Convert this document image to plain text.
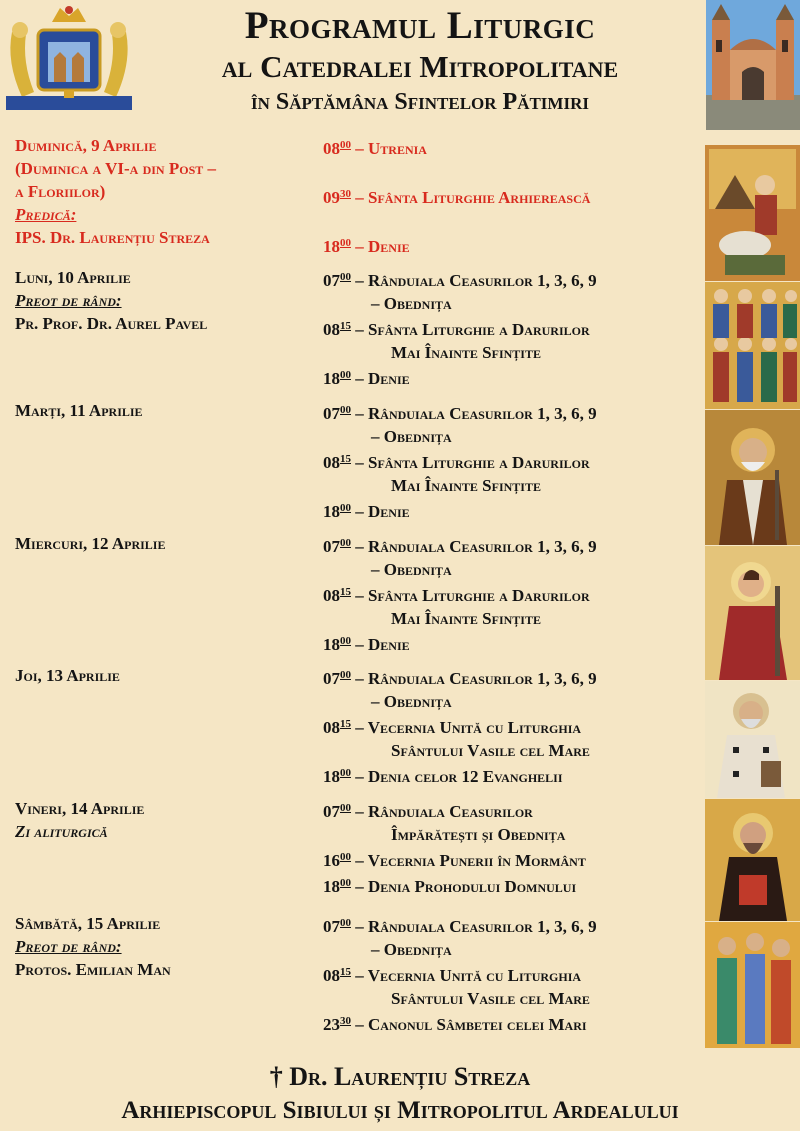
Programul Liturgic
al Catedralei Mitropolitane
în Săptămâna Sfintelor Pătimiri
Duminică, 9 Aprilie
(Duminica a VI-a din Post –
a Floriilor)
Predică:
IPS. Dr. Laurențiu Streza
$08^{00}$ – Utrenia
$09^{30}$ – Sfânta Liturghie Arhierească
$18^{00}$ – Denie
Luni, 10 Aprilie
Preot de rând:
Pr. Prof. Dr. Aurel Pavel
$07^{00}$ – Rânduiala Ceasurilor 1, 3, 6, 9
– Obednița
$08^{15}$ – Sfânta Liturghie a Darurilor
Mai Înainte Sfințite
$18^{00}$ – Denie
Marți, 11 Aprilie	$07^{00}$ – Rânduiala Ceasurilor 1, 3, 6, 9
– Obednița
$08^{15}$ – Sfânta Liturghie a Darurilor
Mai Înainte Sfințite
$18^{00}$ – Denie
Miercuri, 12 Aprilie	$07^{00}$ – Rânduiala Ceasurilor 1, 3, 6, 9
– Obednița
$08^{15}$ – Sfânta Liturghie a Darurilor
Mai Înainte Sfințite
$18^{00}$ – Denie
Joi, 13 Aprilie	$07^{00}$ – Rânduiala Ceasurilor 1, 3, 6, 9
– Obednița
$08^{15}$ – Vecernia Unită cu Liturghia
Sfântului Vasile cel Mare
$18^{00}$ – Denia celor 12 Evanghelii
Vineri, 14 Aprilie
Zi aliturgică
$07^{00}$ – Rânduiala Ceasurilor
Împărătești și Obednița
$16^{00}$ – Vecernia Punerii în Mormânt
$18^{00}$ – Denia Prohodului Domnului
Sâmbătă, 15 Aprilie
Preot de rând:
Protos. Emilian Man
$07^{00}$ – Rânduiala Ceasurilor 1, 3, 6, 9
– Obednița
$08^{15}$ – Vecernia Unită cu Liturghia
Sfântului Vasile cel Mare
$23^{30}$ – Canonul Sâmbetei celei Mari
† Dr. Laurențiu Streza
Arhiepiscopul Sibiului și Mitropolitul Ardealului
